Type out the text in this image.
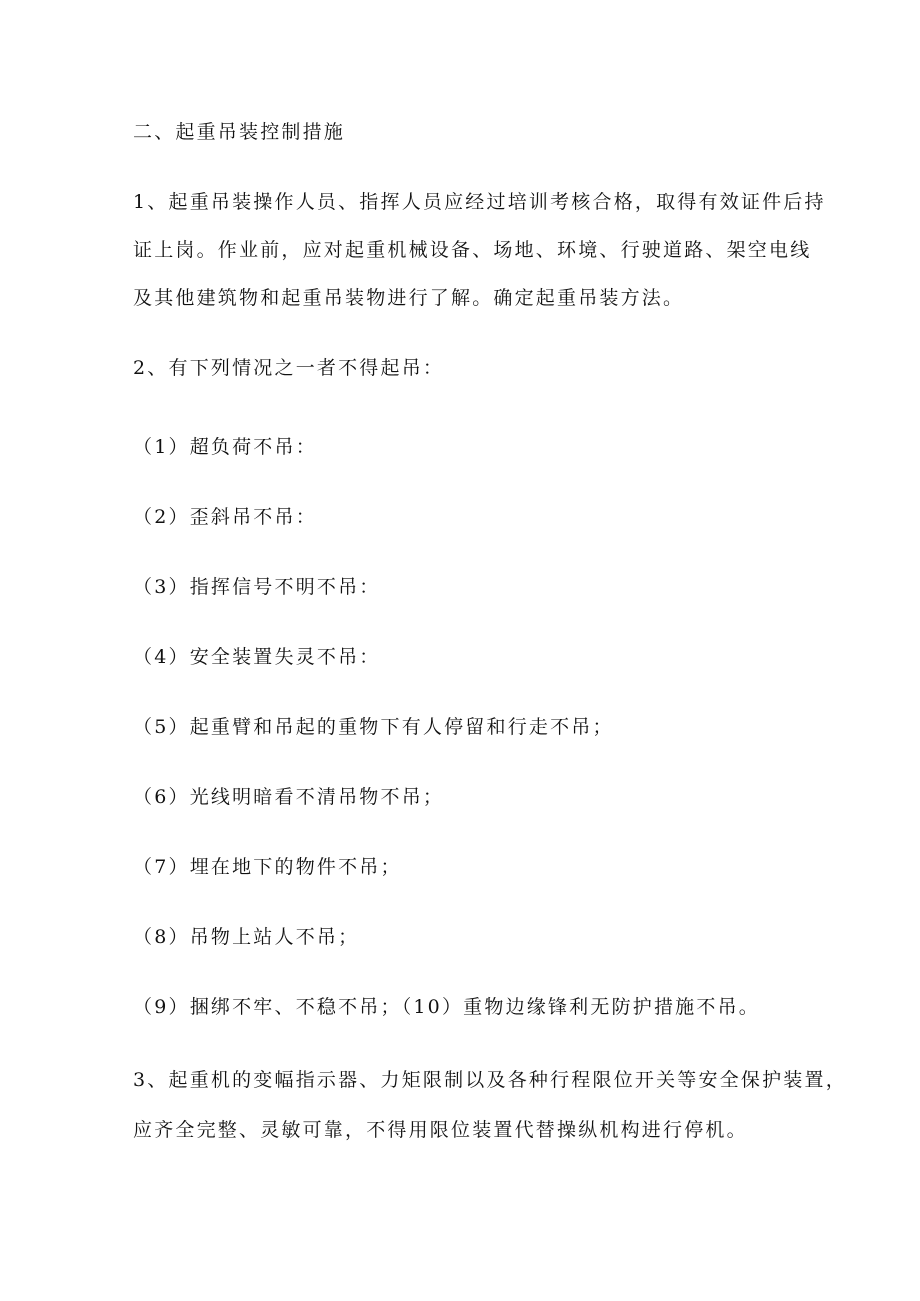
二、起重吊装控制措施
1、起重吊装操作人员、指挥人员应经过培训考核合格，取得有效证件后持
证上岗。作业前，应对起重机械设备、场地、环境、行驶道路、架空电线
及其他建筑物和起重吊装物进行了解。确定起重吊装方法。
2、有下列情况之一者不得起吊：
（1）超负荷不吊：
（2）歪斜吊不吊：
（3）指挥信号不明不吊：
（4）安全装置失灵不吊：
（5）起重臂和吊起的重物下有人停留和行走不吊；
（6）光线明暗看不清吊物不吊；
（7）埋在地下的物件不吊；
（8）吊物上站人不吊；
（9）捆绑不牢、不稳不吊；（10）重物边缘锋利无防护措施不吊。
3、起重机的变幅指示器、力矩限制以及各种行程限位开关等安全保护装置，
应齐全完整、灵敏可靠，不得用限位装置代替操纵机构进行停机。
